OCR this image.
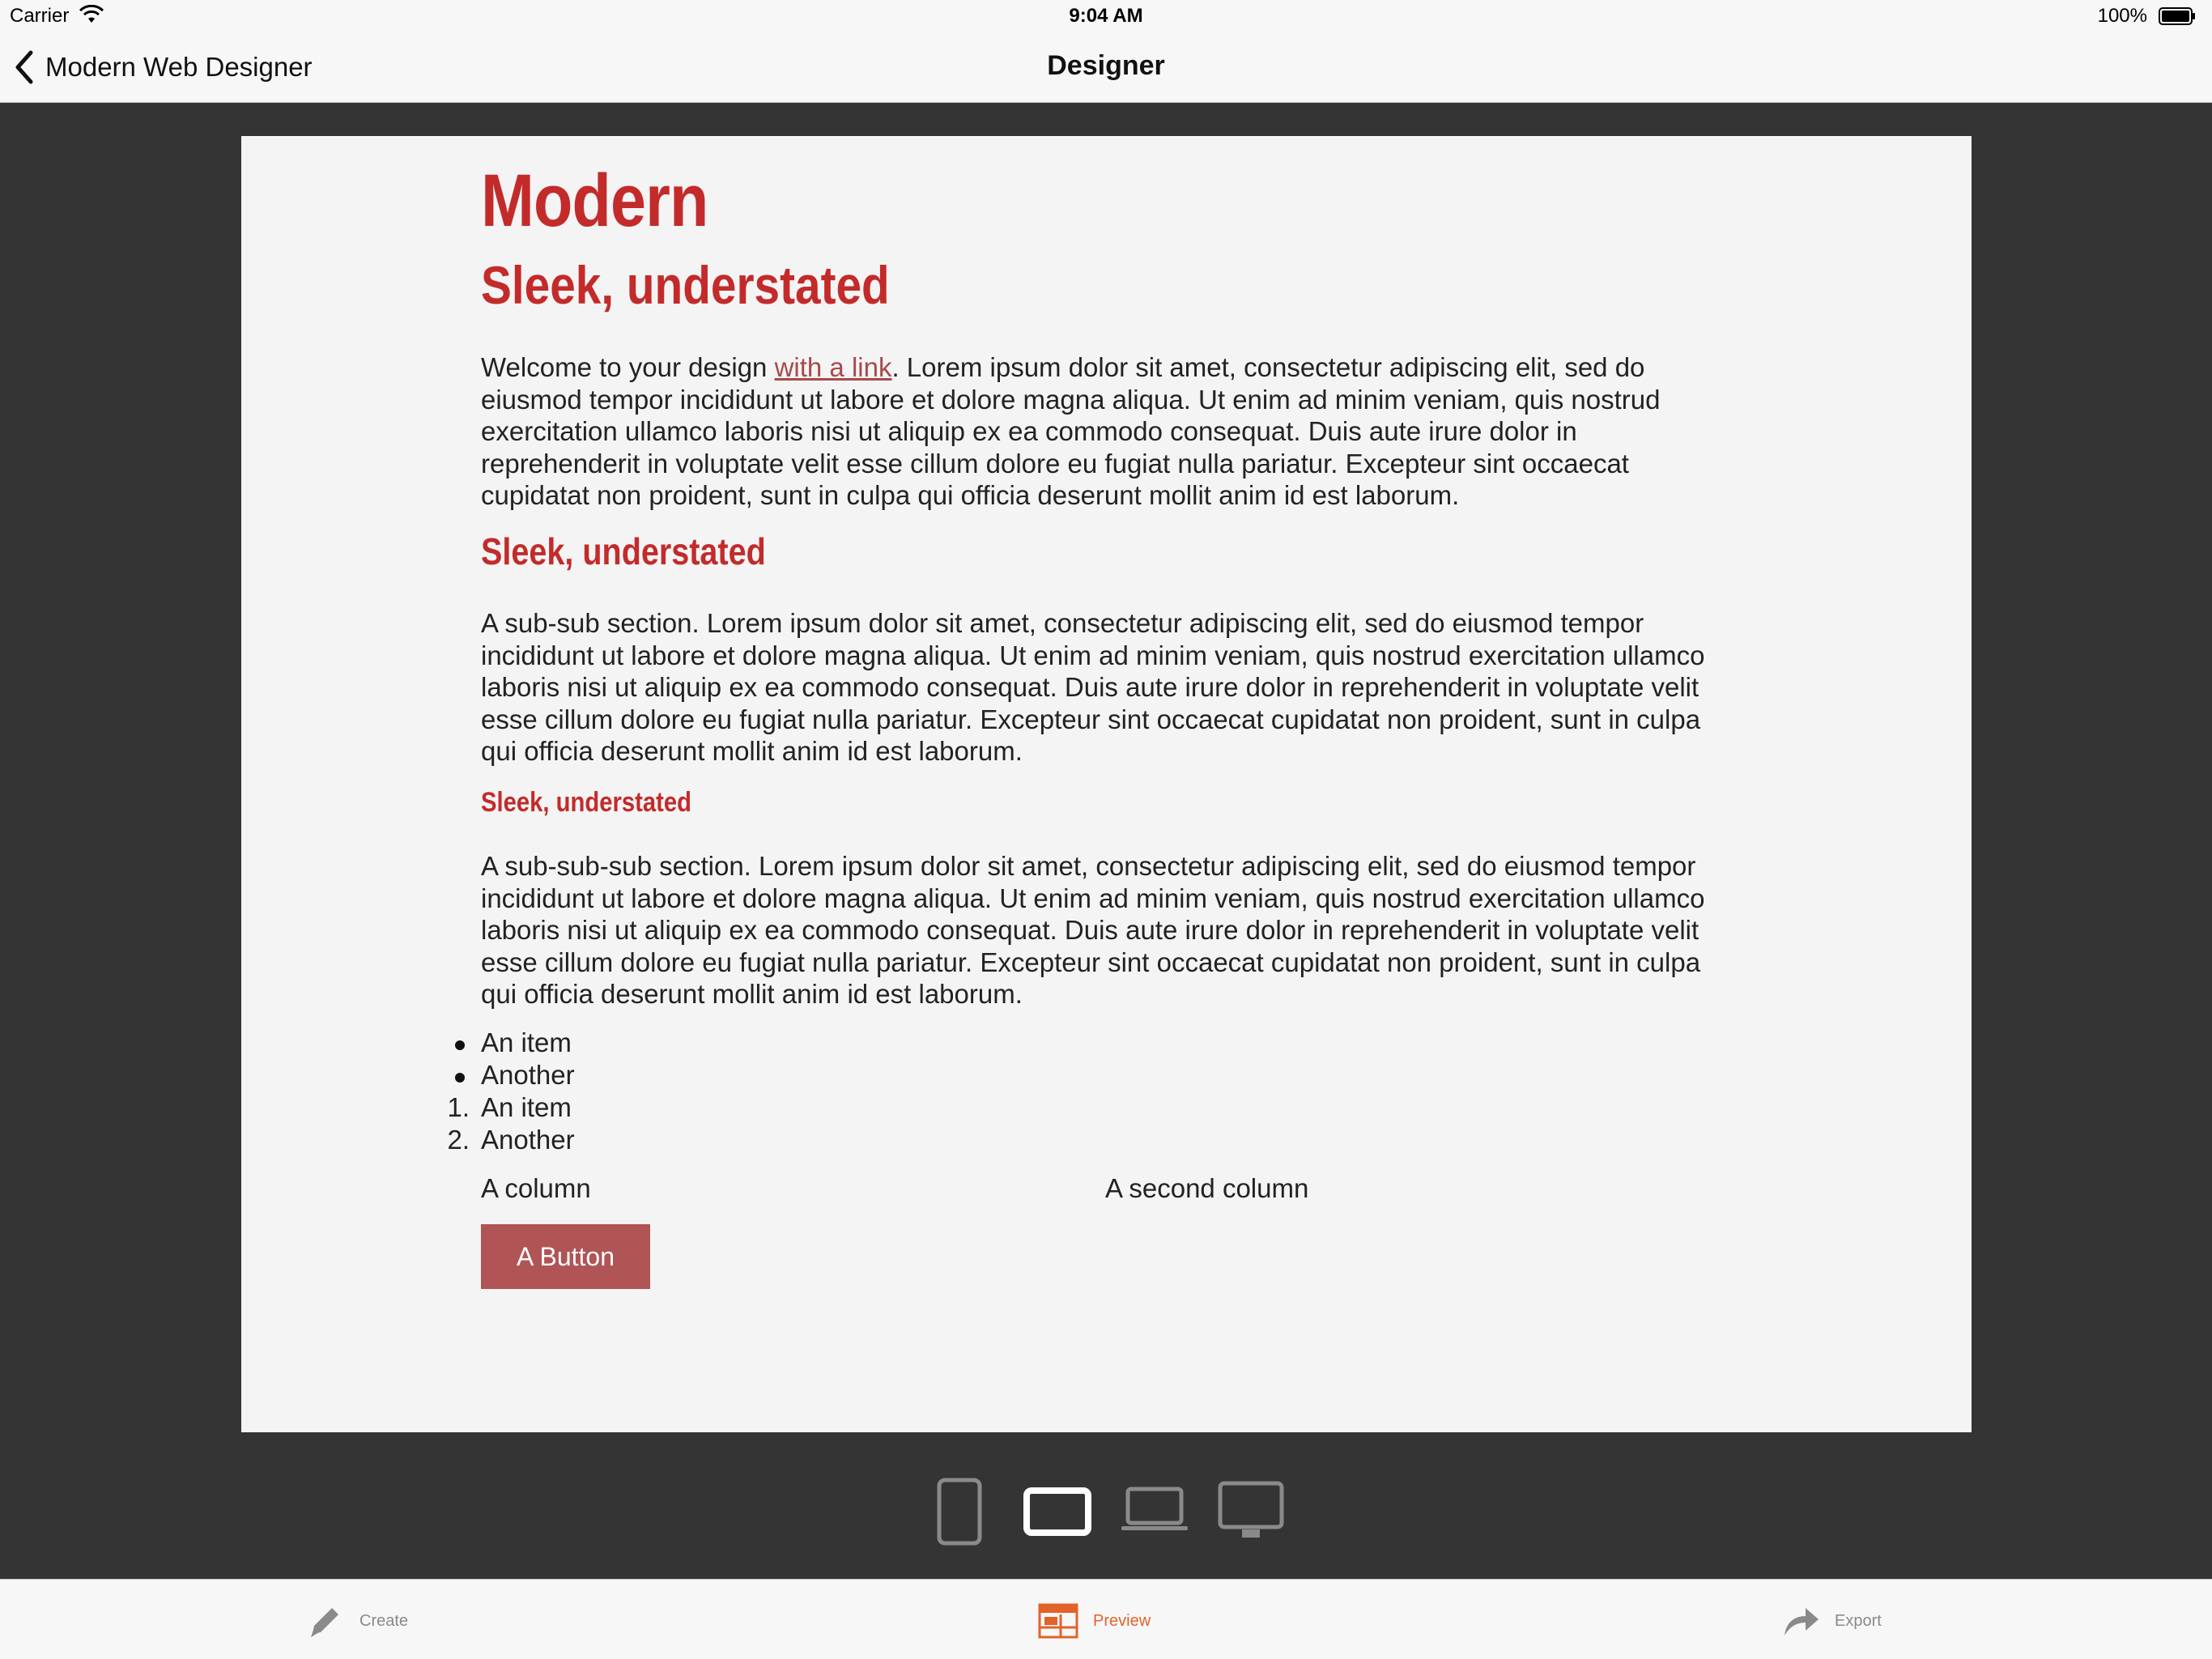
Carrier	9:04 AM	100%
Modern Web Designer	Designer
Modern
Sleek, understated
Welcome to your design with a link. Lorem ipsum dolor sit amet, consectetur adipiscing elit, sed do eiusmod tempor incididunt ut labore et dolore magna aliqua. Ut enim ad minim veniam, quis nostrud exercitation ullamco laboris nisi ut aliquip ex ea commodo consequat. Duis aute irure dolor in reprehenderit in voluptate velit esse cillum dolore eu fugiat nulla pariatur. Excepteur sint occaecat cupidatat non proident, sunt in culpa qui officia deserunt mollit anim id est laborum.
Sleek, understated
A sub-sub section. Lorem ipsum dolor sit amet, consectetur adipiscing elit, sed do eiusmod tempor incididunt ut labore et dolore magna aliqua. Ut enim ad minim veniam, quis nostrud exercitation ullamco laboris nisi ut aliquip ex ea commodo consequat. Duis aute irure dolor in reprehenderit in voluptate velit esse cillum dolore eu fugiat nulla pariatur. Excepteur sint occaecat cupidatat non proident, sunt in culpa qui officia deserunt mollit anim id est laborum.
Sleek, understated
A sub-sub-sub section. Lorem ipsum dolor sit amet, consectetur adipiscing elit, sed do eiusmod tempor incididunt ut labore et dolore magna aliqua. Ut enim ad minim veniam, quis nostrud exercitation ullamco laboris nisi ut aliquip ex ea commodo consequat. Duis aute irure dolor in reprehenderit in voluptate velit esse cillum dolore eu fugiat nulla pariatur. Excepteur sint occaecat cupidatat non proident, sunt in culpa qui officia deserunt mollit anim id est laborum.
An item
Another
1. An item
2. Another
A column	A second column
A Button
Create	Preview	Export
